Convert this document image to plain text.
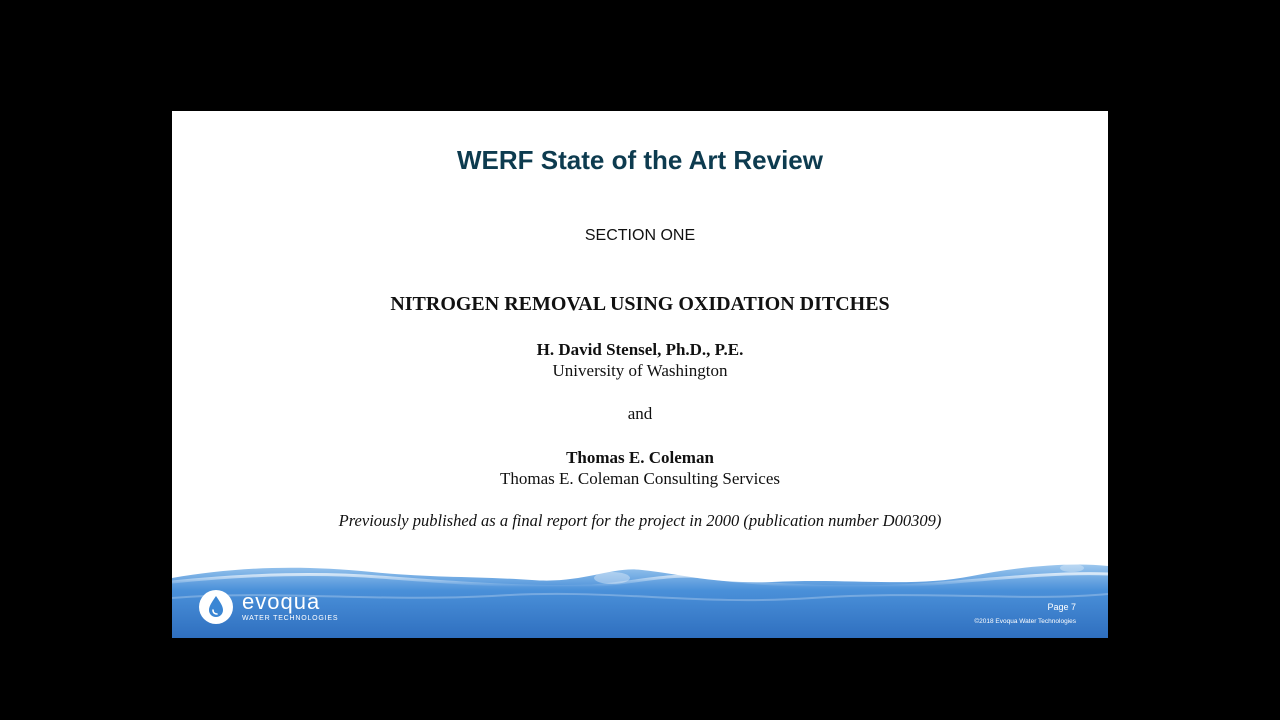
WERF State of the Art Review
SECTION ONE
NITROGEN REMOVAL USING OXIDATION DITCHES
H. David Stensel, Ph.D., P.E.
University of Washington
and
Thomas E. Coleman
Thomas E. Coleman Consulting Services
Previously published as a final report for the project in 2000 (publication number D00309)
evoqua
WATER TECHNOLOGIES
Page 7
©2018 Evoqua Water Technologies
